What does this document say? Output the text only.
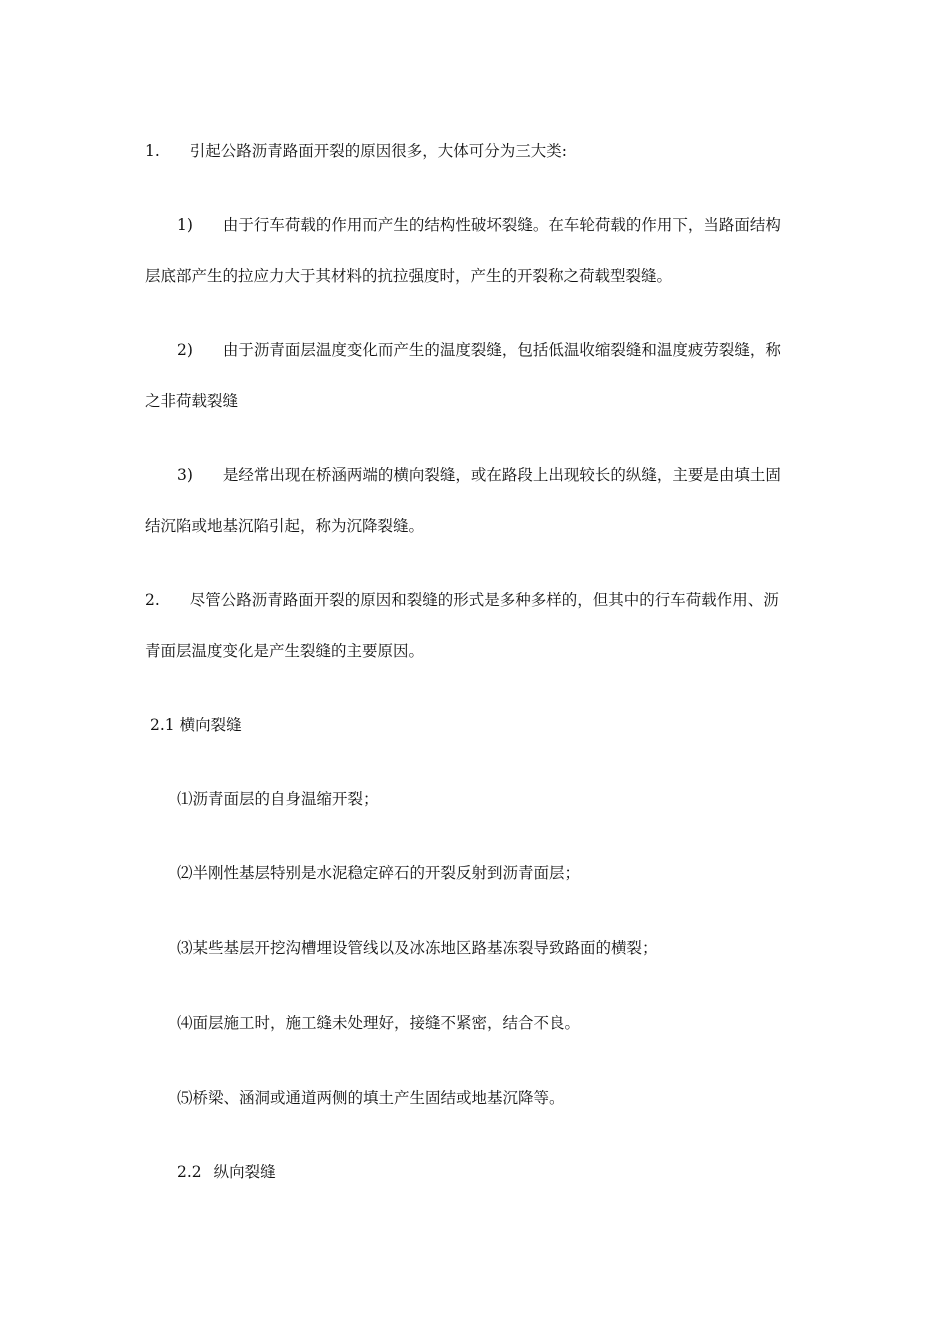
1. 引起公路沥青路面开裂的原因很多，大体可分为三大类:
1) 由于行车荷载的作用而产生的结构性破坏裂缝。在车轮荷载的作用下，当路面结构
层底部产生的拉应力大于其材料的抗拉强度时，产生的开裂称之荷载型裂缝。
2) 由于沥青面层温度变化而产生的温度裂缝，包括低温收缩裂缝和温度疲劳裂缝，称
之非荷载裂缝
3) 是经常出现在桥涵两端的横向裂缝，或在路段上出现较长的纵缝，主要是由填土固
结沉陷或地基沉陷引起，称为沉降裂缝。
2. 尽管公路沥青路面开裂的原因和裂缝的形式是多种多样的，但其中的行车荷载作用、沥
青面层温度变化是产生裂缝的主要原因。
2.1 横向裂缝
⑴沥青面层的自身温缩开裂；
⑵半刚性基层特别是水泥稳定碎石的开裂反射到沥青面层；
⑶某些基层开挖沟槽埋设管线以及冰冻地区路基冻裂导致路面的横裂；
⑷面层施工时，施工缝未处理好，接缝不紧密，结合不良。
⑸桥梁、涵洞或通道两侧的填土产生固结或地基沉降等。
2.2 纵向裂缝
